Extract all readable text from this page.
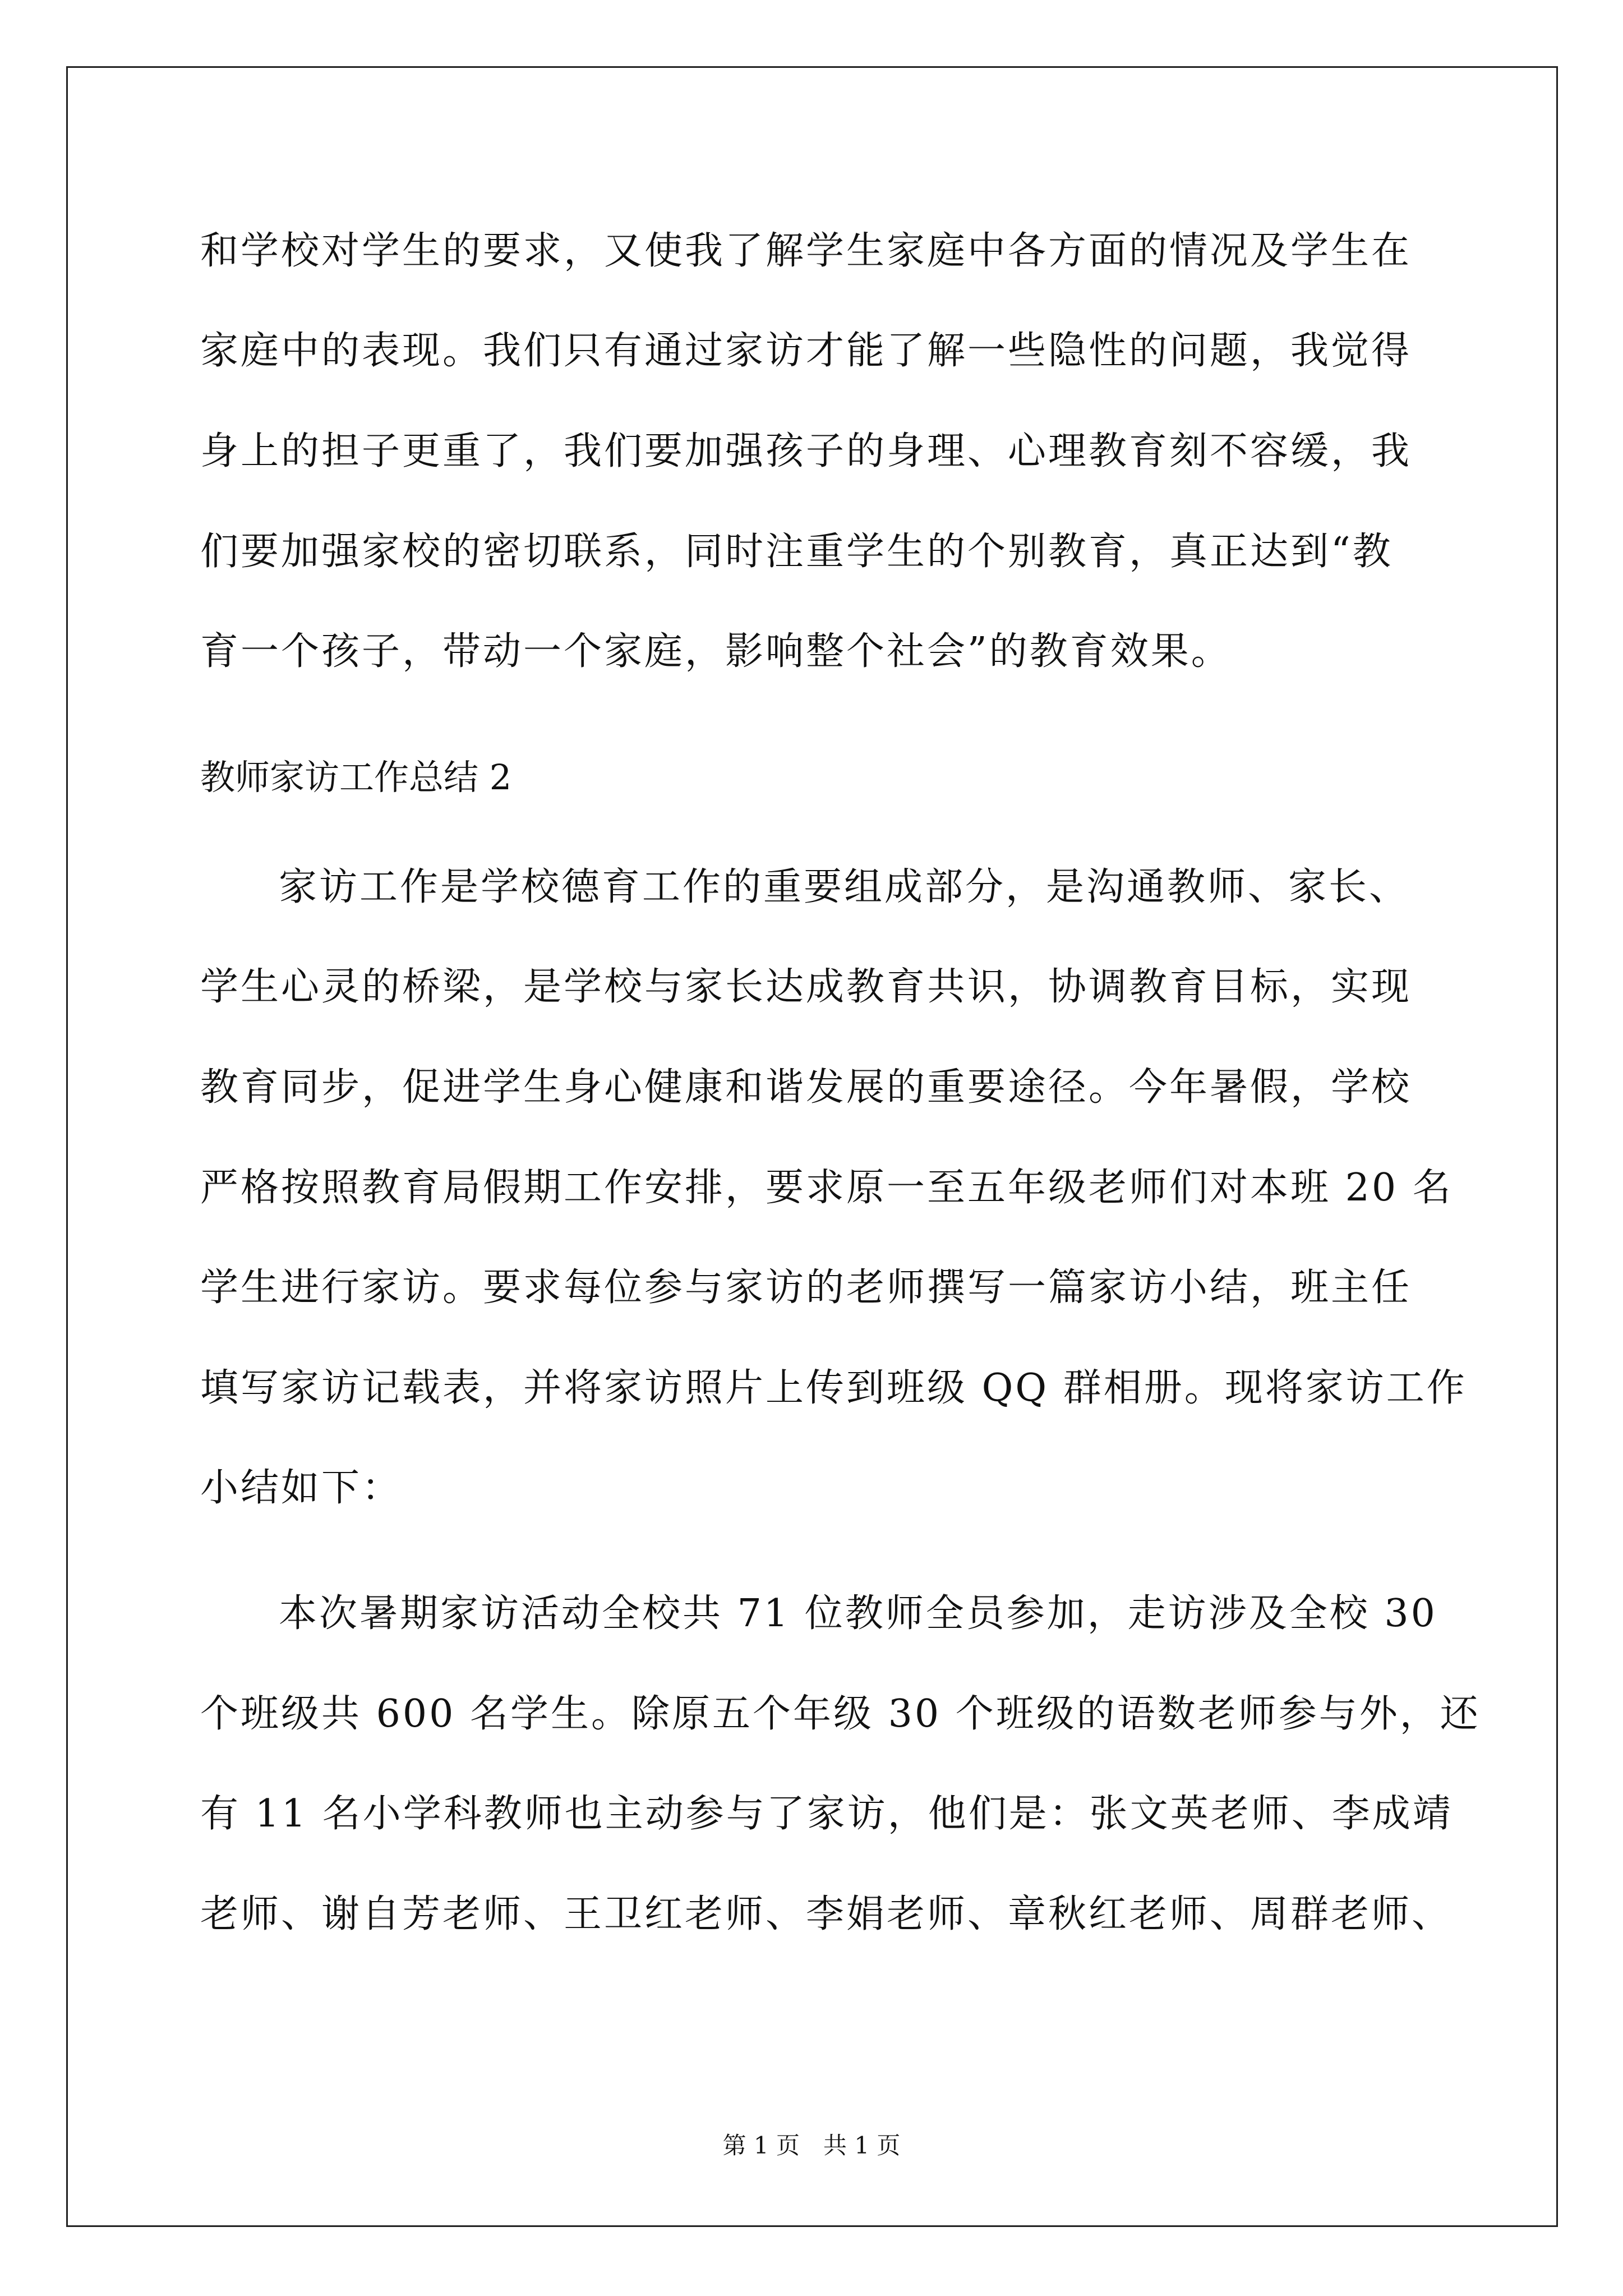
和学校对学生的要求，又使我了解学生家庭中各方面的情况及学生在
家庭中的表现。我们只有通过家访才能了解一些隐性的问题，我觉得
身上的担子更重了，我们要加强孩子的身理、心理教育刻不容缓，我
们要加强家校的密切联系，同时注重学生的个别教育，真正达到“教
育一个孩子，带动一个家庭，影响整个社会”的教育效果。
教师家访工作总结 2
家访工作是学校德育工作的重要组成部分，是沟通教师、家长、
学生心灵的桥梁，是学校与家长达成教育共识，协调教育目标，实现
教育同步，促进学生身心健康和谐发展的重要途径。今年暑假，学校
严格按照教育局假期工作安排，要求原一至五年级老师们对本班 20 名
学生进行家访。要求每位参与家访的老师撰写一篇家访小结，班主任
填写家访记载表，并将家访照片上传到班级 QQ 群相册。现将家访工作
小结如下：
本次暑期家访活动全校共 71 位教师全员参加，走访涉及全校 30
个班级共 600 名学生。除原五个年级 30 个班级的语数老师参与外，还
有 11 名小学科教师也主动参与了家访，他们是：张文英老师、李成靖
老师、谢自芳老师、王卫红老师、李娟老师、章秋红老师、周群老师、
第 1 页　共 1 页
